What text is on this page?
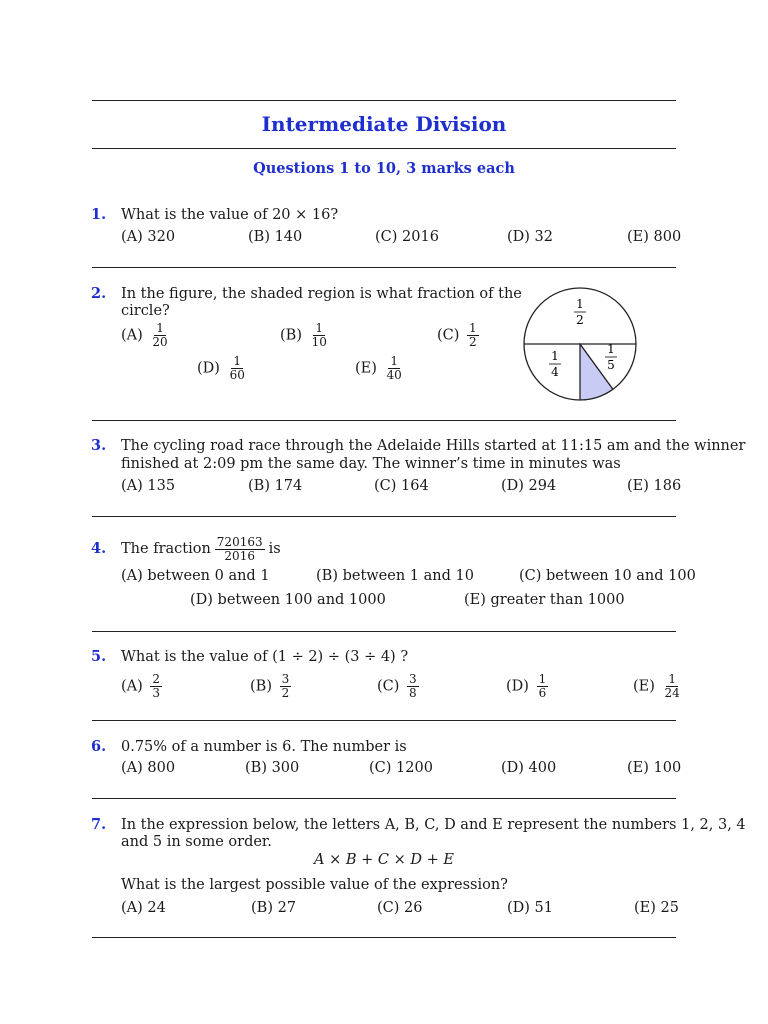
Intermediate Division
Questions 1 to 10, 3 marks each
1. What is the value of 20 × 16?
(A) 320	(B) 140	(C) 2016	(D) 32	(E) 800
2. In the figure, the shaded region is what fraction of the
circle?
$(A) \frac{1}{20}$	$(B) \frac{1}{10}$	$(C) \frac{1}{2}$
$(D) \frac{1}{60}$	$(E) \frac{1}{40}$
1
2
1
4
1
5
3. The cycling road race through the Adelaide Hills started at 11:15 am and the winner
finished at 2:09 pm the same day. The winner’s time in minutes was
(A) 135	(B) 174	(C) 164	(D) 294	(E) 186
4. The fraction $\frac{720163}{2016}$ is
(A) between 0 and 1	(B) between 1 and 10	(C) between 10 and 100
(D) between 100 and 1000	(E) greater than 1000
5. What is the value of (1 ÷ 2) ÷ (3 ÷ 4) ?
$(A) \frac{2}{3}$	$(B) \frac{3}{2}$	$(C) \frac{3}{8}$	$(D) \frac{1}{6}$	$(E) \frac{1}{24}$
6. 0.75% of a number is 6. The number is
(A) 800	(B) 300	(C) 1200	(D) 400	(E) 100
7. In the expression below, the letters A, B, C, D and E represent the numbers 1, 2, 3, 4
and 5 in some order.
A × B + C × D + E
What is the largest possible value of the expression?
(A) 24	(B) 27	(C) 26	(D) 51	(E) 25
